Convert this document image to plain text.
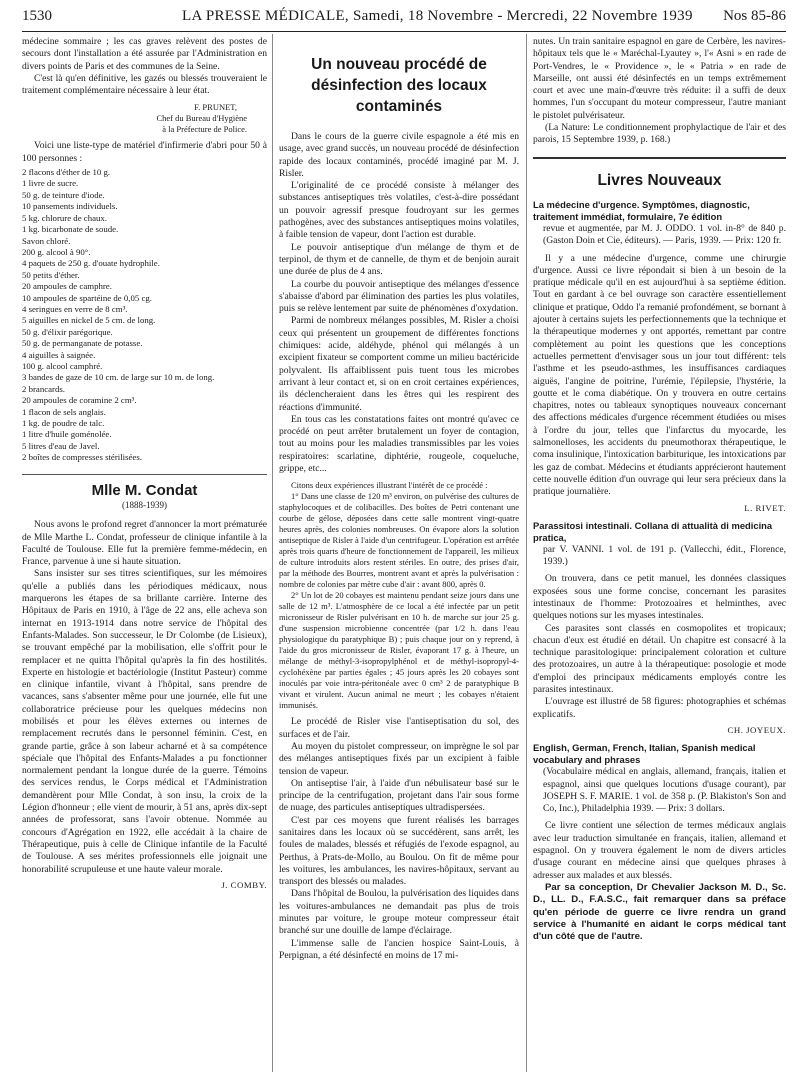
1530	LA PRESSE MÉDICALE, Samedi, 18 Novembre - Mercredi, 22 Novembre 1939 Nos 85-86

médecine sommaire ; les cas graves relèvent des postes de secours dont l'installation a été assurée par l'Administration en divers points de Paris et des communes de la Seine.

C'est là qu'en définitive, les gazés ou blessés trouveraient le traitement complémentaire nécessaire à leur état.

F. PRUNET,
Chef du Bureau d'Hygiène
à la Préfecture de Police.

Voici une liste-type de matériel d'infirmerie d'abri pour 50 à 100 personnes :

2 flacons d'éther de 10 g.
1 livre de sucre.
50 g. de teinture d'iode.
10 pansements individuels.
5 kg. chlorure de chaux.
1 kg. bicarbonate de soude.
Savon chloré.
200 g. alcool à 90°.
4 paquets de 250 g. d'ouate hydrophile.
50 petits d'éther.
20 ampoules de camphre.
10 ampoules de spartéine de 0,05 cg.
4 seringues en verre de 8 cm³.
5 aiguilles en nickel de 5 cm. de long.
50 g. d'élixir parégorique.
50 g. de permanganate de potasse.
4 aiguilles à saignée.
100 g. alcool camphré.
3 bandes de gaze de 10 cm. de large sur 10 m. de long.
2 brancards.
20 ampoules de coramine 2 cm³.
1 flacon de sels anglais.
1 kg. de poudre de talc.
1 litre d'huile goménolée.
5 litres d'eau de Javel.
2 boîtes de compresses stérilisées.
Mlle M. Condat
(1888-1939)

Nous avons le profond regret d'annoncer la mort prématurée de Mlle Marthe L. Condat, professeur de clinique infantile à la Faculté de Toulouse. Elle fut la première femme-médecin, en France, parvenue à une si haute situation.

Sans insister sur ses titres scientifiques, sur les mémoires qu'elle a publiés dans les périodiques médicaux, nous marquerons les étapes de sa brillante carrière. Interne des Hôpitaux de Paris en 1910, à l'âge de 22 ans, elle acheva son internat en 1913-1914 dans notre service de l'hôpital des Enfants-Malades. Son successeur, le Dr Colombe (de Lisieux), se trouvant empêché par la mobilisation, elle s'offrit pour le remplacer et ne quitta l'hôpital qu'après la fin des hostilités. Experte en histologie et bactériologie (Institut Pasteur) comme en clinique infantile, vivant à l'hôpital, sans prendre de vacances, sans s'absenter même pour une journée, elle fut une collaboratrice précieuse pour les quelques médecins non mobilisés et pour les élèves externes ou internes de remplacement recrutés dans le personnel féminin. C'est, en grande partie, grâce à son labeur acharné et à sa compétence spéciale que l'hôpital des Enfants-Malades a pu fonctionner normalement pendant la longue durée de la guerre. Témoins des services rendus, le Corps médical et l'Administration demandèrent pour Mlle Condat, à son insu, la croix de la Légion d'honneur ; elle vient de mourir, à 51 ans, après dix-sept années de professorat, sans l'avoir obtenue. Nommée au concours d'Agrégation en 1922, elle accédait à la chaire de Thérapeutique, puis à celle de Clinique infantile de la Faculté de Toulouse. A ses mérites professionnels elle joignait une honorabilité scrupuleuse et une haute valeur morale.

J. COMBY.
Un nouveau procédé de désinfection des locaux contaminés

Dans le cours de la guerre civile espagnole a été mis en usage, avec grand succès, un nouveau procédé de désinfection rapide des locaux contaminés, procédé imaginé par M. J. Risler.

L'originalité de ce procédé consiste à mélanger des substances antiseptiques très volatiles, c'est-à-dire possédant un pouvoir agressif presque foudroyant sur les germes pathogènes, avec des substances antiseptiques moins volatiles, à faible tension de vapeur, dont l'action est durable.

Le pouvoir antiseptique d'un mélange de thym et de terpinol, de thym et de cannelle, de thym et de benjoin aurait une durée de plus de 4 ans.

La courbe du pouvoir antiseptique des mélanges d'essence s'abaisse d'abord par élimination des parties les plus volatiles, puis se relève lentement par suite de phénomènes d'oxydation.

Parmi de nombreux mélanges possibles, M. Risler a choisi ceux qui présentent un groupement de différentes fonctions chimiques: acide, aldéhyde, phénol qui mélangés à un excipient fixateur se comportent comme un milieu bactéricide polyvalent. Ils affaiblissent puis tuent tous les microbes arrivant à leur contact et, si on en croit certaines expériences, ils déclencheraient dans les êtres qui les respirent des réactions d'immunité.

En tous cas les constatations faites ont montré qu'avec ce procédé on peut arrêter brutalement un foyer de contagion, tout au moins pour les maladies transmissibles par les voies respiratoires: scarlatine, diphtérie, rougeole, coqueluche, grippe, etc...

Citons deux expériences illustrant l'intérêt de ce procédé :

1° Dans une classe de 120 m³ environ, on pulvérise des cultures de staphylocoques et de colibacilles. Des boîtes de Petri contenant une courbe de gélose, déposées dans cette salle montrent vingt-quatre heures après, des colonies nombreuses. On évapore alors la solution antiseptique de Risler à l'aide d'un centrifugeur. L'opération est arrêtée après trois quarts d'heure de fonctionnement de l'appareil, les milieux de culture introduits alors restent stériles. En outre, des prises d'air, par la méthode des Bourres, montrent avant et après la pulvérisation : nombre de colonies par mètre cube d'air : avant 800, après 0.

2° Un lot de 20 cobayes est maintenu pendant seize jours dans une salle de 12 m³. L'atmosphère de ce local a été infectée par un petit micronisseur de Risler pulvérisant en 10 h. de marche sur jour 25 g. d'une suspension microbienne concentrée (par 1/2 h. dans l'eau physiologique du paratyphique B) ; puis chaque jour on y reprend, à l'aide du gros micronisseur de Risler, évaporant 17 g. à l'heure, un mélange de méthyl-3-isopropylphénol et de méthyl-isopropyl-4-cyclohéxène par parties égales ; 45 jours après les 20 cobayes sont inoculés par voie intra-péritonéale avec 0 cm³ 2 de paratyphique B vivant et virulent. Aucun animal ne meurt ; les cobayes n'étaient immunisés.

Le procédé de Risler vise l'antiseptisation du sol, des surfaces et de l'air.

Au moyen du pistolet compresseur, on imprègne le sol par des mélanges antiseptiques fixés par un excipient à faible tension de vapeur.

On antiseptise l'air, à l'aide d'un nébulisateur basé sur le principe de la centrifugation, projetant dans l'air sous forme de nuage, des particules antiseptiques ultradispersées.

C'est par ces moyens que furent réalisés les barrages sanitaires dans les locaux où se succédèrent, sans arrêt, les foules de malades, blessés et réfugiés de l'exode espagnol, au Perthus, à Prats-de-Mollo, au Boulou. On fit de même pour les voitures, les ambulances, les navires-hôpitaux, servant au transport des blessés ou malades.

Dans l'hôpital de Boulou, la pulvérisation des liquides dans les voitures-ambulances ne demandait pas plus de trois minutes par voiture, le groupe moteur compresseur était branché sur une douille de lampe d'éclairage.

L'immense salle de l'ancien hospice Saint-Louis, à Perpignan, a été désinfecté en moins de 17 mi-

nutes. Un train sanitaire espagnol en gare de Cerbère, les navires-hôpitaux tels que le « Maréchal-Lyautey », l'« Asni » en rade de Port-Vendres, le « Providence », le « Patria » en rade de Marseille, ont aussi été désinfectés en un temps extrêmement court et avec une main-d'œuvre très réduite: il a suffi de deux hommes, l'un s'occupant du moteur compresseur, l'autre maniant le pistolet pulvérisateur.

(La Nature: Le conditionnement prophylactique de l'air et des parois, 15 Septembre 1939, p. 168.)

Livres Nouveaux
La médecine d'urgence. Symptômes, diagnostic, traitement immédiat, formulaire, 7e édition

revue et augmentée, par M. J. ODDO. 1 vol. in-8° de 840 p. (Gaston Doin et Cie, éditeurs). — Paris, 1939. — Prix: 120 fr.

Il y a une médecine d'urgence, comme une chirurgie d'urgence. Aussi ce livre répondait si bien à un besoin de la pratique médicale qu'il en est aujourd'hui à sa septième édition. Tout en gardant à ce bel ouvrage son caractère essentiellement clinique et pratique, Oddo l'a remanié profondément, se bornant à ajouter à certains sujets les perfectionnements que la technique et la thérapeutique modernes y ont apportés, remettant par contre complètement au point les questions que les conceptions actuelles permettent d'envisager sous un jour tout différent: tels l'asthme et les pseudo-asthmes, les insuffisances cardiaques aiguës, l'angine de poitrine, l'urémie, l'épilepsie, l'hystérie, la goutte et le coma diabétique. On y trouvera en outre certains chapitres, notes ou tableaux synoptiques nouveaux concernant des affections médicales d'urgence récemment étudiées ou mises à l'ordre du jour, telles que l'infarctus du myocarde, les salmonelloses, les accidents du pneumothorax thérapeutique, le coma insulinique, l'intoxication barbiturique, les intoxications par les gaz de combat. Médecins et étudiants apprécieront hautement cette nouvelle édition d'un ouvrage qui leur sera précieux dans la pratique journalière.

L. RIVET.
Parassitosi intestinali. Collana di attualità di medicina pratica,

par V. VANNI. 1 vol. de 191 p. (Vallecchi, édit., Florence, 1939.)

On trouvera, dans ce petit manuel, les données classiques exposées sous une forme concise, concernant les parasites intestinaux de l'homme: Protozoaires et helminthes, avec quelques notions sur les myases intestinales.

Ces parasites sont classés en cosmopolites et tropicaux; chacun d'eux est étudié en détail. Un chapitre est consacré à la technique parasitologique: principalement coloration et culture des protozoaires, un autre à la thérapeutique: posologie et mode d'emploi des principaux médicaments employés contre les parasites intestinaux.

L'ouvrage est illustré de 58 figures: photographies et schémas explicatifs.

CH. JOYEUX.
English, German, French, Italian, Spanish medical vocabulary and phrases

(Vocabulaire médical en anglais, allemand, français, italien et espagnol, ainsi que quelques locutions d'usage courant), par JOSEPH S. F. MARIE. 1 vol. de 358 p. (P. Blakiston's Son and Co, Inc.), Philadelphia 1939. — Prix: 3 dollars.

Ce livre contient une sélection de termes médicaux anglais avec leur traduction simultanée en français, italien, allemand et espagnol. On y trouvera également le nom de divers articles d'usage courant en médecine ainsi que quelques phrases à adresser aux malades et aux blessés.

Par sa conception, Dr Chevalier Jackson M. D., Sc. D., LL. D., F.A.S.C., fait remarquer dans sa préface qu'en période de guerre ce livre rendra un grand service à l'humanité en aidant le corps médical tant d'un côté que de l'autre.
